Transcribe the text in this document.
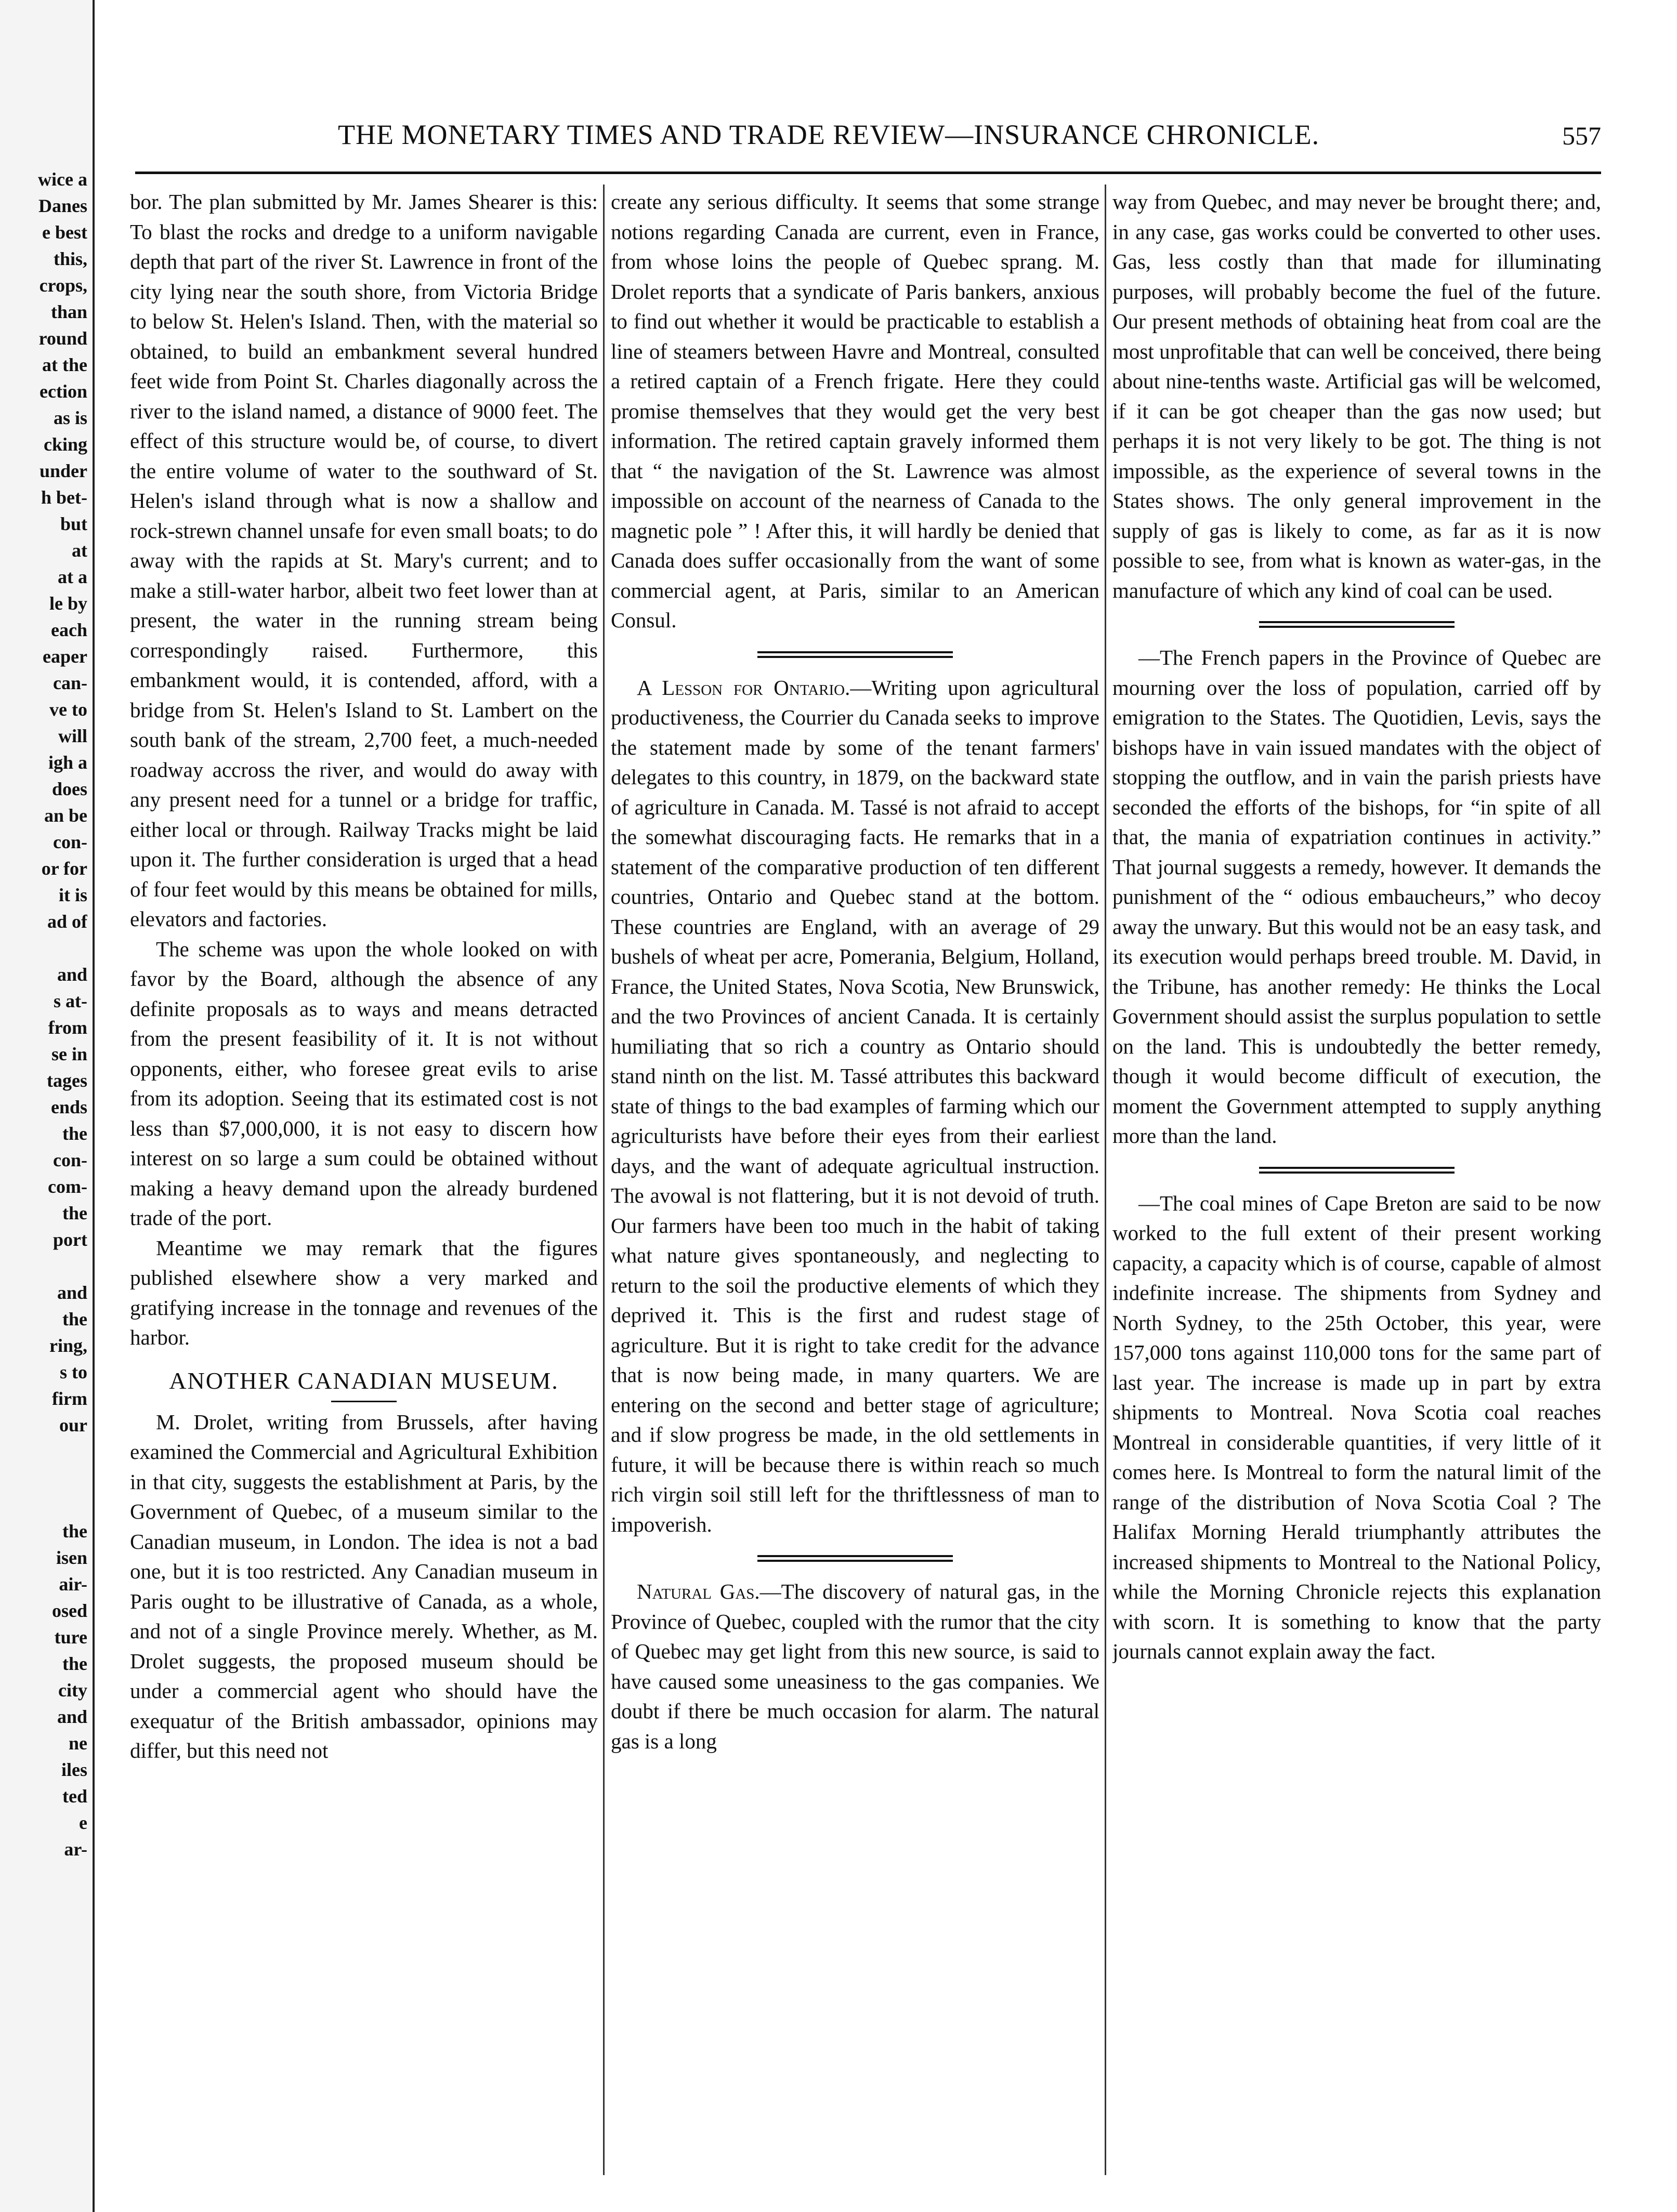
wice a
Danes
e best
this,
crops,
than
round
at the
ection
as is
cking
under
h bet-
but
at
at a
le by
each
eaper
can-
ve to
will
igh a
does
an be
con-
or for
it is
ad of
and
s at-
from
se in
tages
ends
the
con-
com-
the
port
and
the
ring,
s to
firm
our
the
isen
air-
osed
ture
the
city
and
ne
iles
ted
e
ar-
THE MONETARY TIMES AND TRADE REVIEW—INSURANCE CHRONICLE.	557

bor. The plan submitted by Mr. James Shearer is this: To blast the rocks and dredge to a uniform navigable depth that part of the river St. Lawrence in front of the city lying near the south shore, from Victoria Bridge to below St. Helen's Island. Then, with the material so obtained, to build an embankment several hundred feet wide from Point St. Charles diagonally across the river to the island named, a distance of 9000 feet. The effect of this structure would be, of course, to divert the entire volume of water to the southward of St. Helen's island through what is now a shallow and rock-strewn channel unsafe for even small boats; to do away with the rapids at St. Mary's current; and to make a still-water harbor, albeit two feet lower than at present, the water in the running stream being correspondingly raised. Furthermore, this embankment would, it is contended, afford, with a bridge from St. Helen's Island to St. Lambert on the south bank of the stream, 2,700 feet, a much-needed roadway accross the river, and would do away with any present need for a tunnel or a bridge for traffic, either local or through. Railway Tracks might be laid upon it. The further consideration is urged that a head of four feet would by this means be obtained for mills, elevators and factories.

The scheme was upon the whole looked on with favor by the Board, although the absence of any definite proposals as to ways and means detracted from the present feasibility of it. It is not without opponents, either, who foresee great evils to arise from its adoption. Seeing that its estimated cost is not less than $7,000,000, it is not easy to discern how interest on so large a sum could be obtained without making a heavy demand upon the already burdened trade of the port.

Meantime we may remark that the figures published elsewhere show a very marked and gratifying increase in the tonnage and revenues of the harbor.

ANOTHER CANADIAN MUSEUM.

M. Drolet, writing from Brussels, after having examined the Commercial and Agricultural Exhibition in that city, suggests the establishment at Paris, by the Government of Quebec, of a museum similar to the Canadian museum, in London. The idea is not a bad one, but it is too restricted. Any Canadian museum in Paris ought to be illustrative of Canada, as a whole, and not of a single Province merely. Whether, as M. Drolet suggests, the proposed museum should be under a commercial agent who should have the exequatur of the British ambassador, opinions may differ, but this need not

create any serious difficulty. It seems that some strange notions regarding Canada are current, even in France, from whose loins the people of Quebec sprang. M. Drolet reports that a syndicate of Paris bankers, anxious to find out whether it would be practicable to establish a line of steamers between Havre and Montreal, consulted a retired captain of a French frigate. Here they could promise themselves that they would get the very best information. The retired captain gravely informed them that “ the navigation of the St. Lawrence was almost impossible on account of the nearness of Canada to the magnetic pole ” ! After this, it will hardly be denied that Canada does suffer occasionally from the want of some commercial agent, at Paris, similar to an American Consul.

A Lesson for Ontario.—Writing upon agricultural productiveness, the Courrier du Canada seeks to improve the statement made by some of the tenant farmers' delegates to this country, in 1879, on the backward state of agriculture in Canada. M. Tassé is not afraid to accept the somewhat discouraging facts. He remarks that in a statement of the comparative production of ten different countries, Ontario and Quebec stand at the bottom. These countries are England, with an average of 29 bushels of wheat per acre, Pomerania, Belgium, Holland, France, the United States, Nova Scotia, New Brunswick, and the two Provinces of ancient Canada. It is certainly humiliating that so rich a country as Ontario should stand ninth on the list. M. Tassé attributes this backward state of things to the bad examples of farming which our agriculturists have before their eyes from their earliest days, and the want of adequate agricultual instruction. The avowal is not flattering, but it is not devoid of truth. Our farmers have been too much in the habit of taking what nature gives spontaneously, and neglecting to return to the soil the productive elements of which they deprived it. This is the first and rudest stage of agriculture. But it is right to take credit for the advance that is now being made, in many quarters. We are entering on the second and better stage of agriculture; and if slow progress be made, in the old settlements in future, it will be because there is within reach so much rich virgin soil still left for the thriftlessness of man to impoverish.

Natural Gas.—The discovery of natural gas, in the Province of Quebec, coupled with the rumor that the city of Quebec may get light from this new source, is said to have caused some uneasiness to the gas companies. We doubt if there be much occasion for alarm. The natural gas is a long

way from Quebec, and may never be brought there; and, in any case, gas works could be converted to other uses. Gas, less costly than that made for illuminating purposes, will probably become the fuel of the future. Our present methods of obtaining heat from coal are the most unprofitable that can well be conceived, there being about nine-tenths waste. Artificial gas will be welcomed, if it can be got cheaper than the gas now used; but perhaps it is not very likely to be got. The thing is not impossible, as the experience of several towns in the States shows. The only general improvement in the supply of gas is likely to come, as far as it is now possible to see, from what is known as water-gas, in the manufacture of which any kind of coal can be used.

—The French papers in the Province of Quebec are mourning over the loss of population, carried off by emigration to the States. The Quotidien, Levis, says the bishops have in vain issued mandates with the object of stopping the outflow, and in vain the parish priests have seconded the efforts of the bishops, for “in spite of all that, the mania of expatriation continues in activity.” That journal suggests a remedy, however. It demands the punishment of the “ odious embaucheurs,” who decoy away the unwary. But this would not be an easy task, and its execution would perhaps breed trouble. M. David, in the Tribune, has another remedy: He thinks the Local Government should assist the surplus population to settle on the land. This is undoubtedly the better remedy, though it would become difficult of execution, the moment the Government attempted to supply anything more than the land.

—The coal mines of Cape Breton are said to be now worked to the full extent of their present working capacity, a capacity which is of course, capable of almost indefinite increase. The shipments from Sydney and North Sydney, to the 25th October, this year, were 157,000 tons against 110,000 tons for the same part of last year. The increase is made up in part by extra shipments to Montreal. Nova Scotia coal reaches Montreal in considerable quantities, if very little of it comes here. Is Montreal to form the natural limit of the range of the distribution of Nova Scotia Coal ? The Halifax Morning Herald triumphantly attributes the increased shipments to Montreal to the National Policy, while the Morning Chronicle rejects this explanation with scorn. It is something to know that the party journals cannot explain away the fact.
